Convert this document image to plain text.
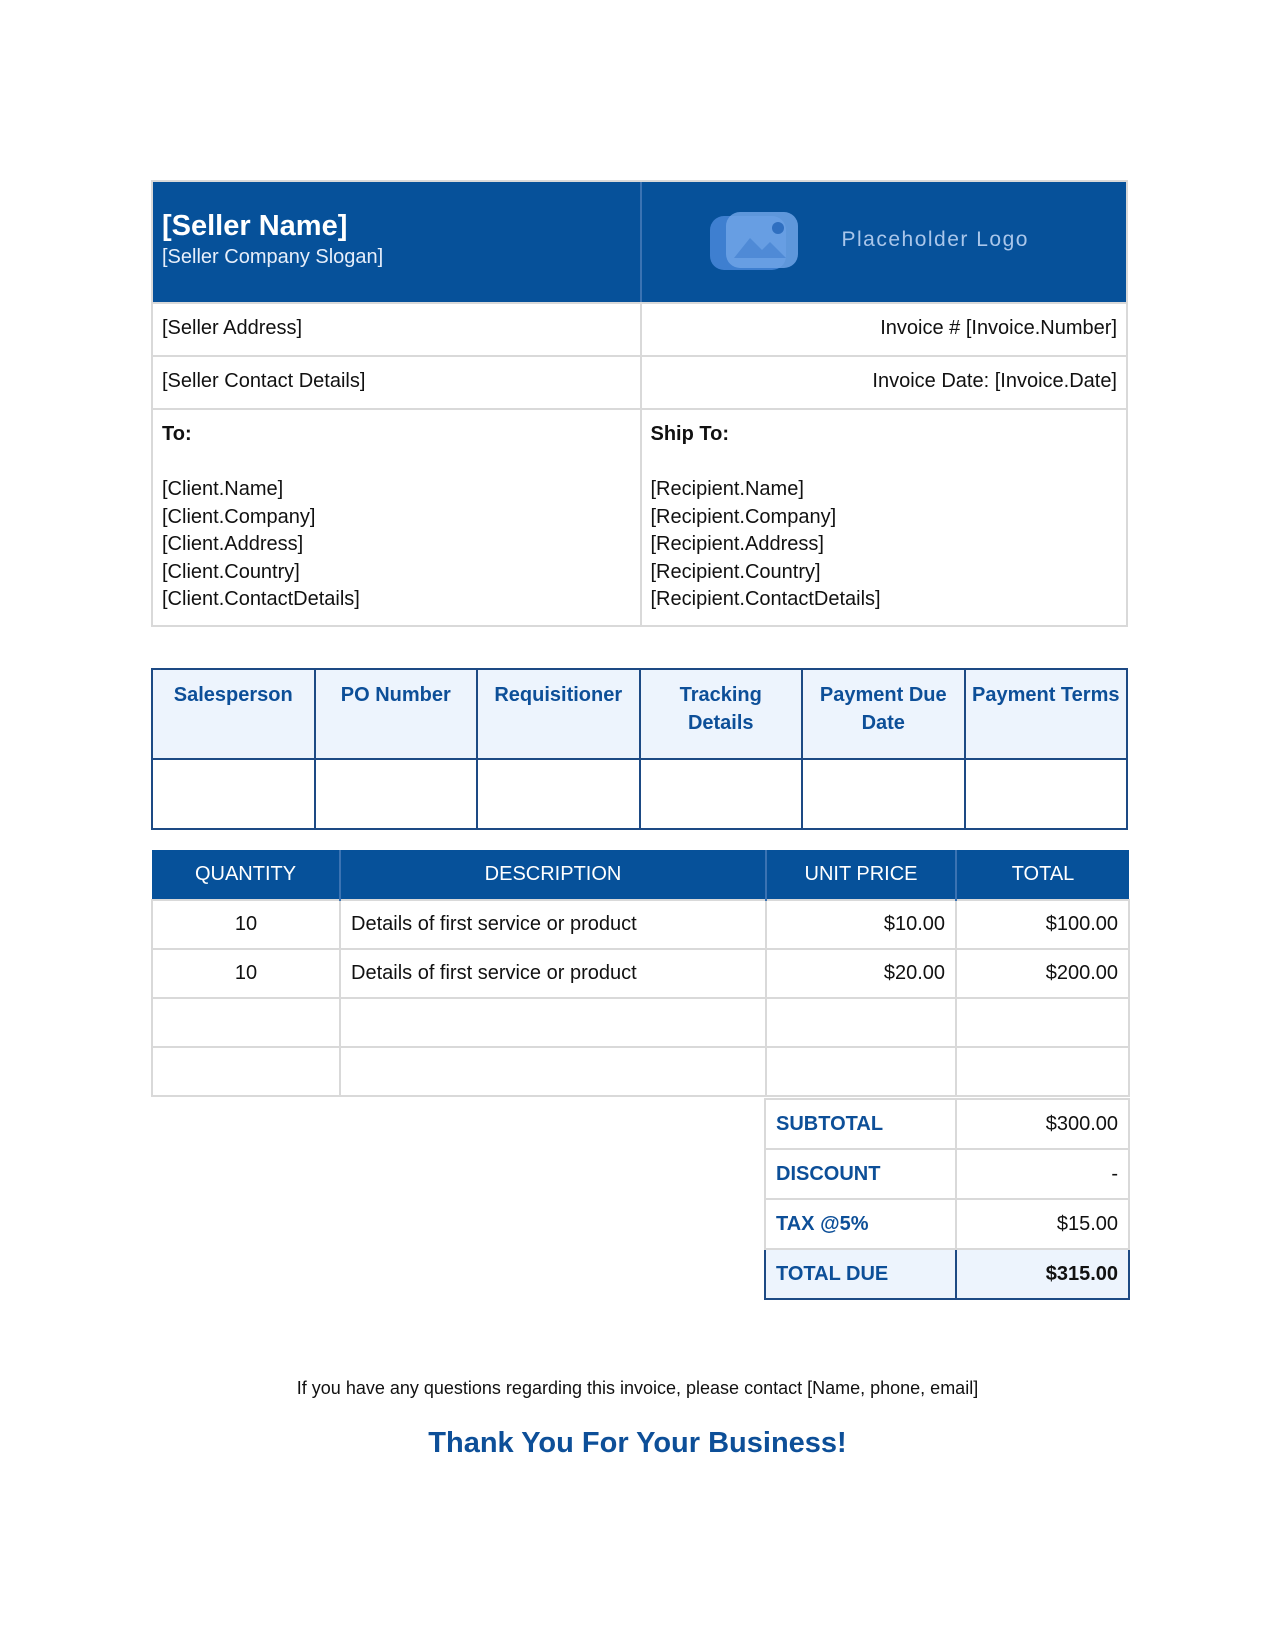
[Seller Name]
[Seller Company Slogan]
Placeholder Logo
[Seller Address]	Invoice # [Invoice.Number]
[Seller Contact Details]	Invoice Date: [Invoice.Date]
To:
[Client.Name]
[Client.Company]
[Client.Address]
[Client.Country]
[Client.ContactDetails]
Ship To:
[Recipient.Name]
[Recipient.Company]
[Recipient.Address]
[Recipient.Country]
[Recipient.ContactDetails]
Salesperson	PO Number	Requisitioner	Tracking Details	Payment Due Date	Payment Terms

QUANTITY	DESCRIPTION	UNIT PRICE	TOTAL
10	Details of first service or product	$10.00	$100.00
10	Details of first service or product	$20.00	$200.00

SUBTOTAL	$300.00
DISCOUNT	-
TAX @5%	$15.00
TOTAL DUE	$315.00
If you have any questions regarding this invoice, please contact [Name, phone, email]
Thank You For Your Business!
